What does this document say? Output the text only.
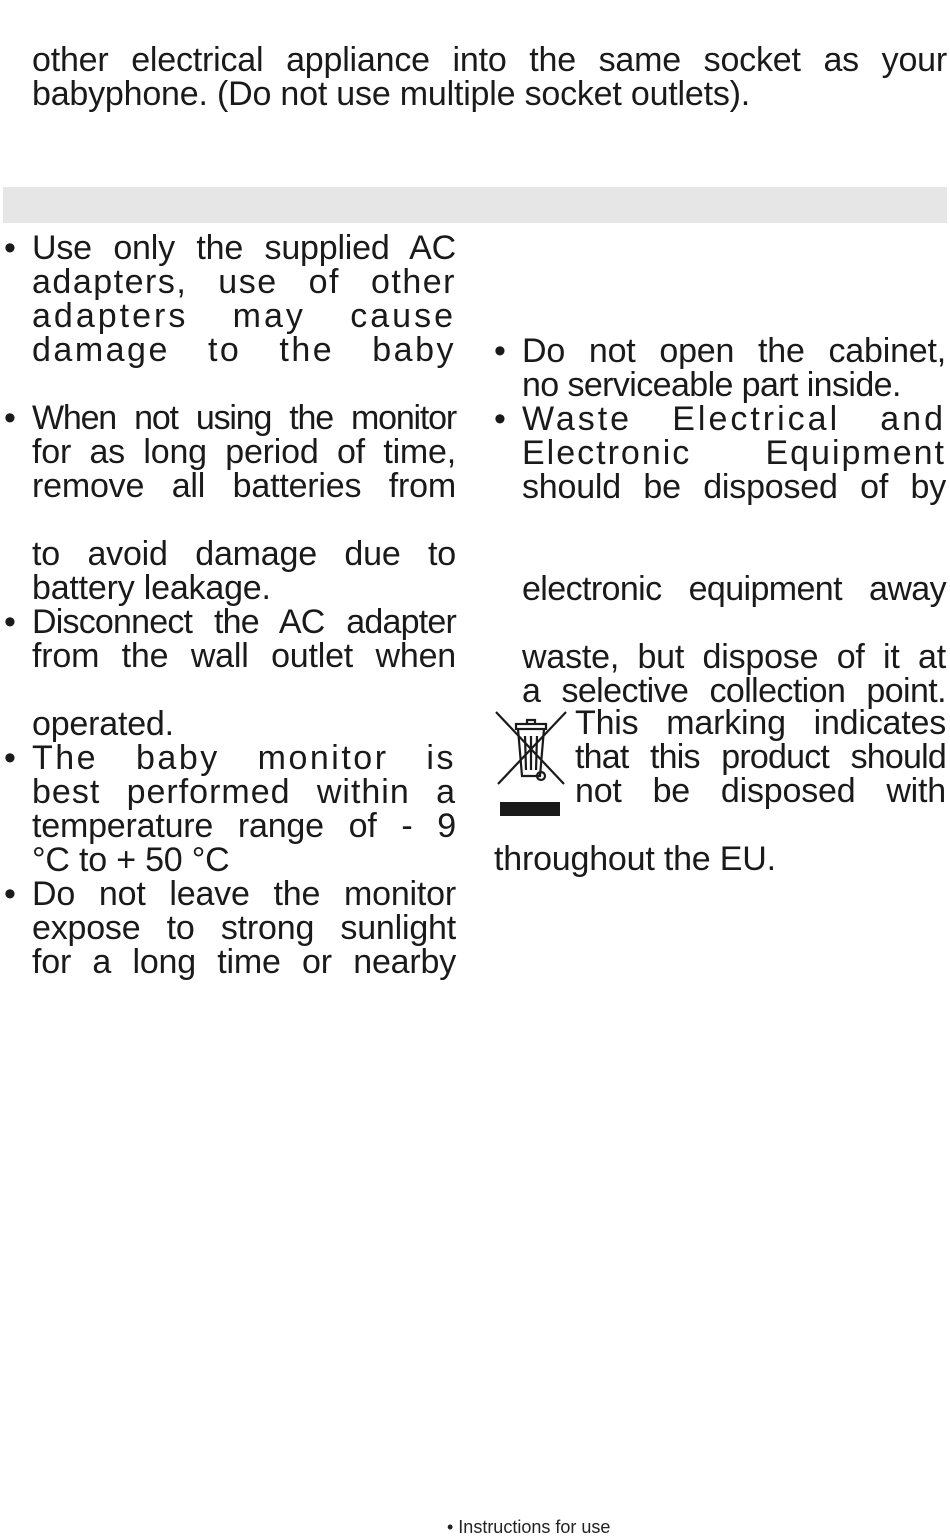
other electrical appliance into the same socket as your
babyphone. (Do not use multiple socket outlets).
• Use only the supplied AC
adapters, use of other
adapters may cause
damage to the baby
• When not using the monitor
for as long period of time,
remove all batteries from
to avoid damage due to
battery leakage.
• Disconnect the AC adapter
from the wall outlet when
operated.
• The baby monitor is
best performed within a
temperature range of - 9
°C to + 50 °C
• Do not leave the monitor
expose to strong sunlight
for a long time or nearby
• Do not open the cabinet,
no serviceable part inside.
• Waste Electrical and
Electronic Equipment
should be disposed of by
electronic equipment away
waste, but dispose of it at
a selective collection point.
This marking indicates
that this product should
not be disposed with
throughout the EU.
• Instructions for use
